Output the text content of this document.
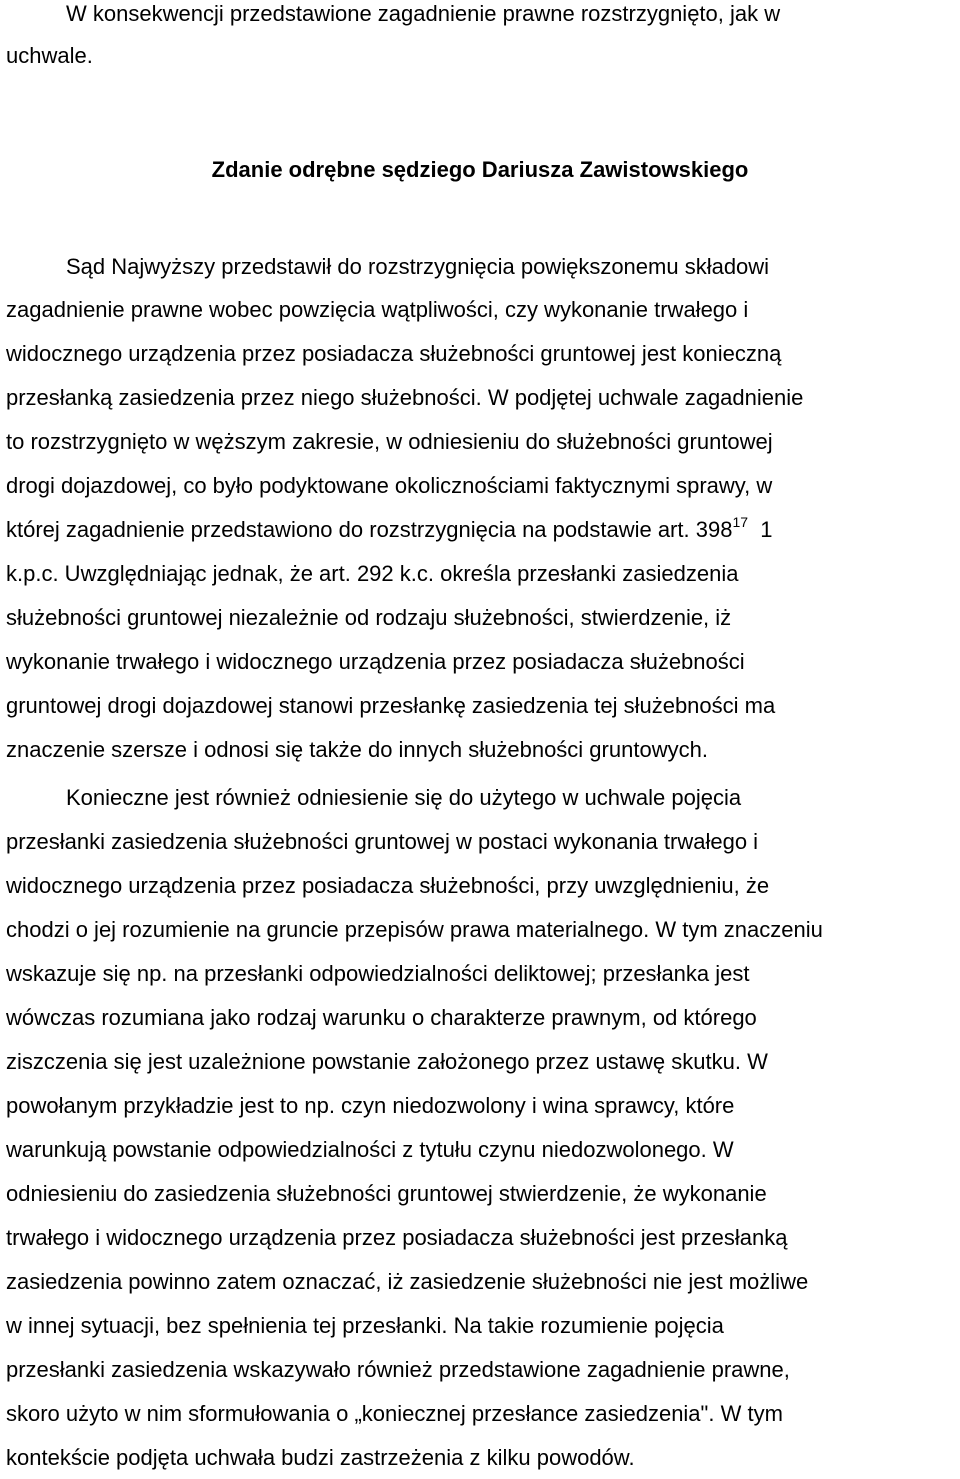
W konsekwencji przedstawione zagadnienie prawne rozstrzygnięto, jak w

uchwale.

Zdanie odrębne sędziego Dariusza Zawistowskiego

Sąd Najwyższy przedstawił do rozstrzygnięcia powiększonemu składowi

zagadnienie prawne wobec powzięcia wątpliwości, czy wykonanie trwałego i

widocznego urządzenia przez posiadacza służebności gruntowej jest konieczną

przesłanką zasiedzenia przez niego służebności. W podjętej uchwale zagadnienie

to rozstrzygnięto w węższym zakresie, w odniesieniu do służebności gruntowej

drogi dojazdowej, co było podyktowane okolicznościami faktycznymi sprawy, w

której zagadnienie przedstawiono do rozstrzygnięcia na podstawie art. $398^{17}$ 1

k.p.c. Uwzględniając jednak, że art. 292 k.c. określa przesłanki zasiedzenia

służebności gruntowej niezależnie od rodzaju służebności, stwierdzenie, iż

wykonanie trwałego i widocznego urządzenia przez posiadacza służebności

gruntowej drogi dojazdowej stanowi przesłankę zasiedzenia tej służebności ma

znaczenie szersze i odnosi się także do innych służebności gruntowych.

Konieczne jest również odniesienie się do użytego w uchwale pojęcia

przesłanki zasiedzenia służebności gruntowej w postaci wykonania trwałego i

widocznego urządzenia przez posiadacza służebności, przy uwzględnieniu, że

chodzi o jej rozumienie na gruncie przepisów prawa materialnego. W tym znaczeniu

wskazuje się np. na przesłanki odpowiedzialności deliktowej; przesłanka jest

wówczas rozumiana jako rodzaj warunku o charakterze prawnym, od którego

ziszczenia się jest uzależnione powstanie założonego przez ustawę skutku. W

powołanym przykładzie jest to np. czyn niedozwolony i wina sprawcy, które

warunkują powstanie odpowiedzialności z tytułu czynu niedozwolonego. W

odniesieniu do zasiedzenia służebności gruntowej stwierdzenie, że wykonanie

trwałego i widocznego urządzenia przez posiadacza służebności jest przesłanką

zasiedzenia powinno zatem oznaczać, iż zasiedzenie służebności nie jest możliwe

w innej sytuacji, bez spełnienia tej przesłanki. Na takie rozumienie pojęcia

przesłanki zasiedzenia wskazywało również przedstawione zagadnienie prawne,

skoro użyto w nim sformułowania o „koniecznej przesłance zasiedzenia". W tym

kontekście podjęta uchwała budzi zastrzeżenia z kilku powodów.
